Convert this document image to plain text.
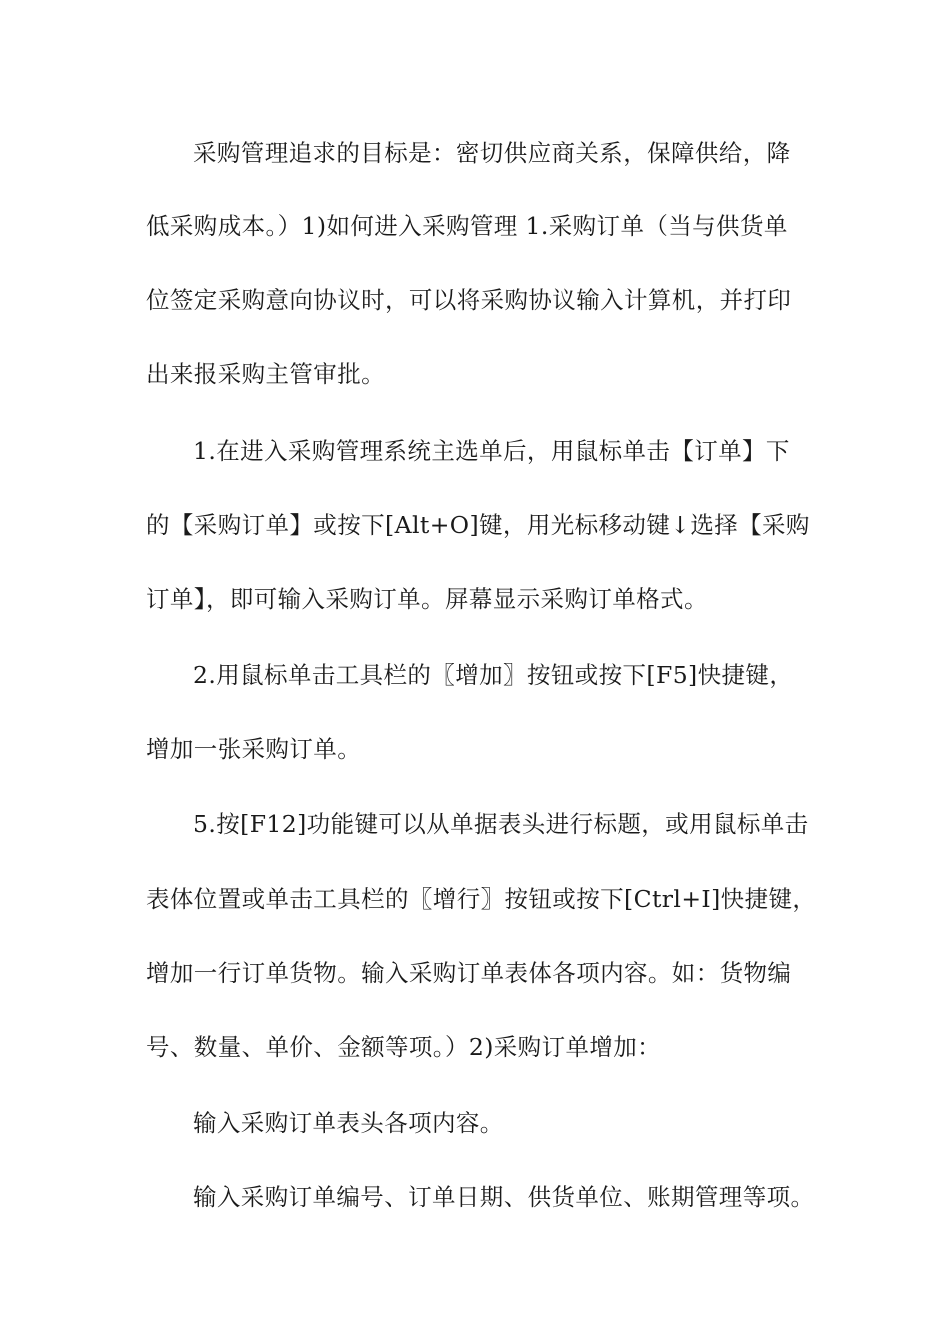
采购管理追求的目标是：密切供应商关系，保障供给，降
低采购成本。）1)如何进入采购管理 1.采购订单（当与供货单
位签定采购意向协议时，可以将采购协议输入计算机，并打印
出来报采购主管审批。
1.在进入采购管理系统主选单后，用鼠标单击【订单】下
的【采购订单】或按下[Alt+O]键，用光标移动键↓选择【采购
订单】，即可输入采购订单。屏幕显示采购订单格式。
2.用鼠标单击工具栏的〖增加〗按钮或按下[F5]快捷键，
增加一张采购订单。
5.按[F12]功能键可以从单据表头进行标题，或用鼠标单击
表体位置或单击工具栏的〖增行〗按钮或按下[Ctrl+I]快捷键，
增加一行订单货物。输入采购订单表体各项内容。如：货物编
号、数量、单价、金额等项。）2)采购订单增加：
输入采购订单表头各项内容。
输入采购订单编号、订单日期、供货单位、账期管理等项。
